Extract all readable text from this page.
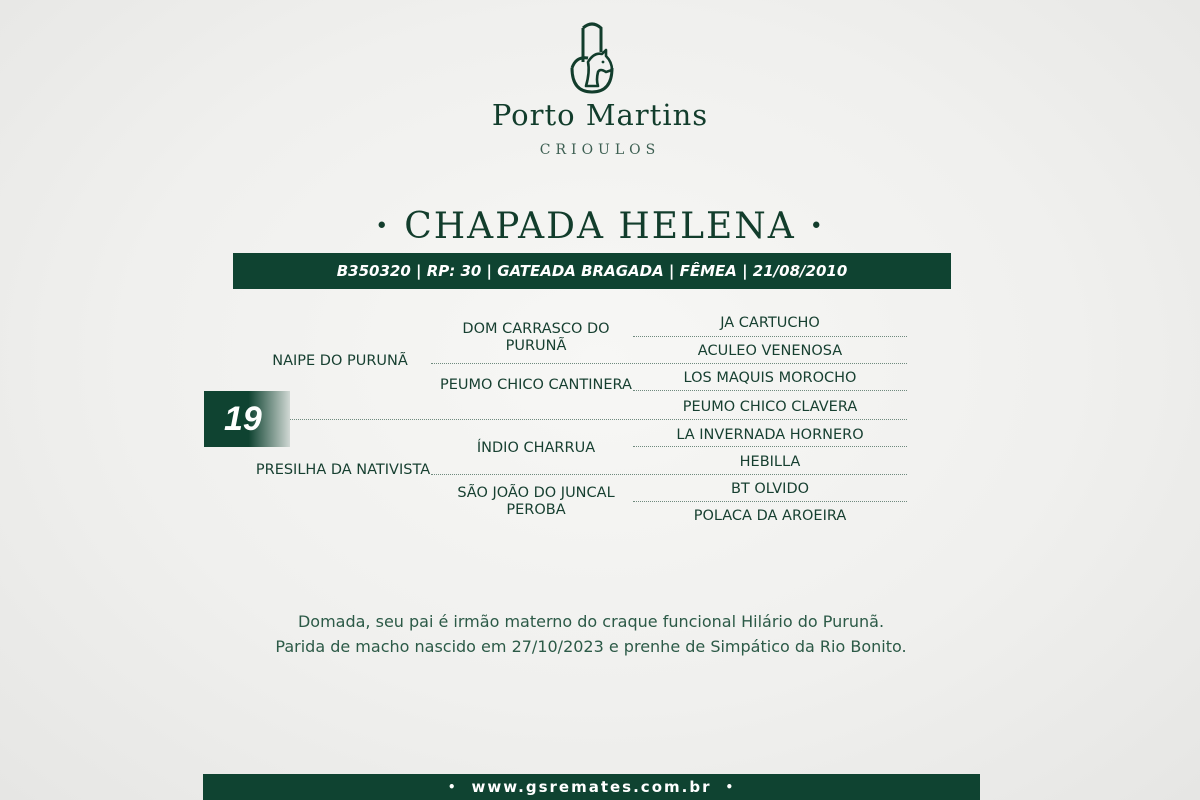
Porto Martins
CRIOULOS
• CHAPADA HELENA •
B350320 | RP: 30 | GATEADA BRAGADA | FÊMEA | 21/08/2010
19
NAIPE DO PURUNÃ
PRESILHA DA NATIVISTA
DOM CARRASCO DO PURUNÃ
PEUMO CHICO CANTINERA
ÍNDIO CHARRUA
SÃO JOÃO DO JUNCAL PEROBA
JA CARTUCHO
ACULEO VENENOSA
LOS MAQUIS MOROCHO
PEUMO CHICO CLAVERA
LA INVERNADA HORNERO
HEBILLA
BT OLVIDO
POLACA DA AROEIRA
Domada, seu pai é irmão materno do craque funcional Hilário do Purunã.
Parida de macho nascido em 27/10/2023 e prenhe de Simpático da Rio Bonito.
• www.gsremates.com.br •
